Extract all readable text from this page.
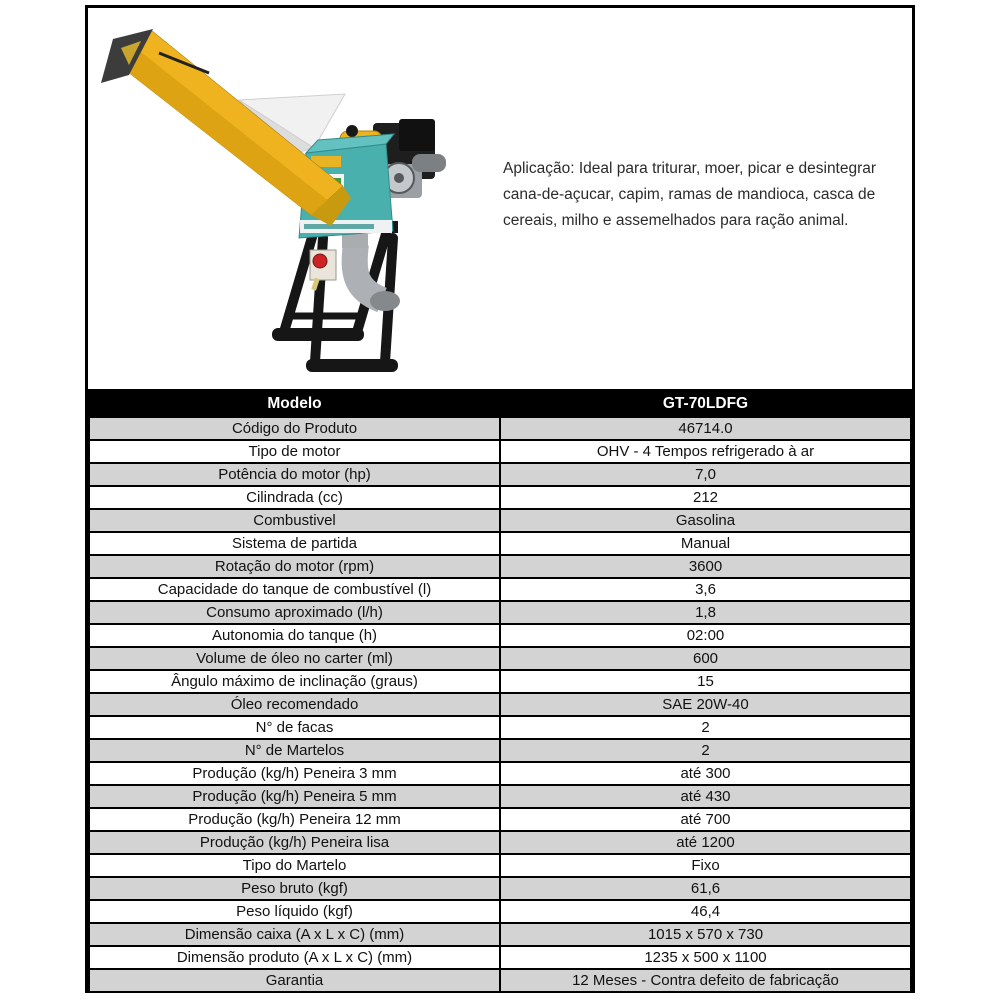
Aplicação: Ideal para triturar, moer, picar e desintegrar cana-de-açucar, capim, ramas de mandioca, casca de cereais, milho e assemelhados para ração animal.
Modelo	GT-70LDFG
Código do Produto	46714.0
Tipo de motor	OHV - 4 Tempos refrigerado à ar
Potência do motor (hp)	7,0
Cilindrada (cc)	212
Combustivel	Gasolina
Sistema de partida	Manual
Rotação do motor (rpm)	3600
Capacidade do tanque de combustível (l)	3,6
Consumo aproximado (l/h)	1,8
Autonomia do tanque (h)	02:00
Volume de óleo no carter (ml)	600
Ângulo máximo de inclinação (graus)	15
Óleo recomendado	SAE 20W-40
N° de facas	2
N° de Martelos	2
Produção (kg/h) Peneira 3 mm	até 300
Produção (kg/h) Peneira 5 mm	até 430
Produção (kg/h) Peneira 12 mm	até 700
Produção (kg/h) Peneira lisa	até 1200
Tipo do Martelo	Fixo
Peso bruto (kgf)	61,6
Peso líquido (kgf)	46,4
Dimensão caixa (A x L x C) (mm)	1015 x 570 x 730
Dimensão produto (A x L x C) (mm)	1235 x 500 x 1100
Garantia	12 Meses - Contra defeito de fabricação
